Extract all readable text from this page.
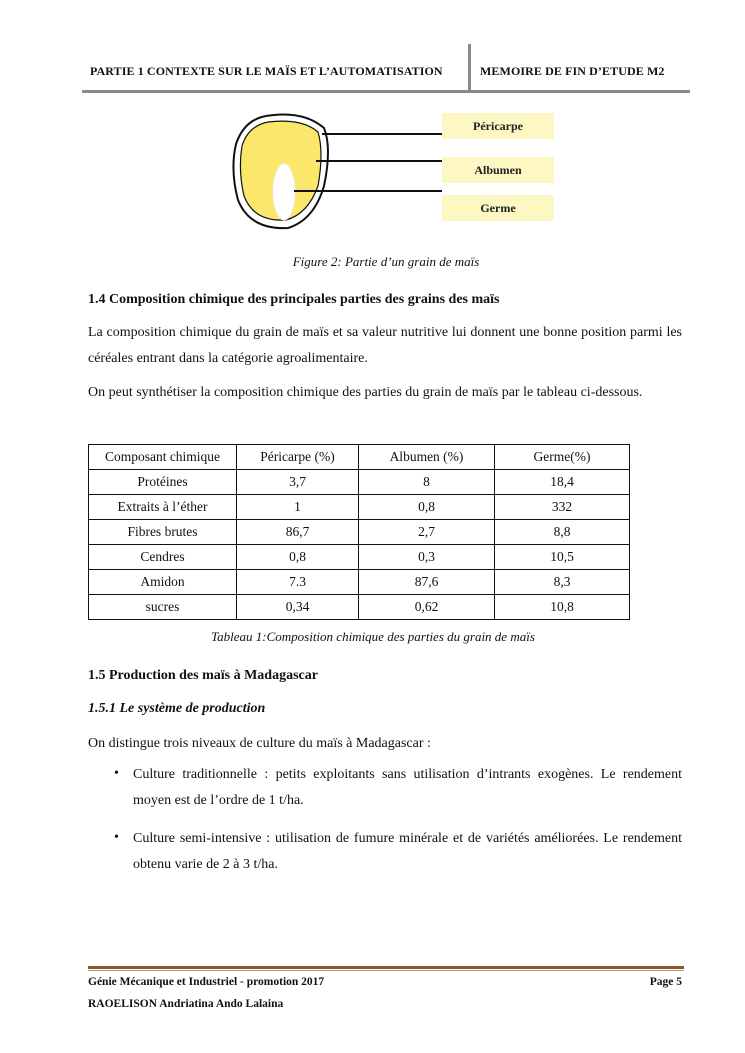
PARTIE 1 CONTEXTE SUR LE MAÏS ET L’AUTOMATISATION	MEMOIRE DE FIN D’ETUDE M2
Péricarpe
Albumen
Germe
Figure 2: Partie d’un grain de maïs
1.4 Composition chimique des principales parties des grains des maïs
La composition chimique du grain de maïs et sa valeur nutritive lui donnent une bonne position parmi les céréales entrant dans la catégorie agroalimentaire.
On peut synthétiser la composition chimique des parties du grain de maïs par le tableau ci-dessous.
Composant chimique	Péricarpe (%)	Albumen (%)	Germe(%)
Protéines	3,7	8	18,4
Extraits à l’éther	1	0,8	332
Fibres brutes	86,7	2,7	8,8
Cendres	0,8	0,3	10,5
Amidon	7.3	87,6	8,3
sucres	0,34	0,62	10,8
Tableau 1:Composition chimique des parties du grain de maïs
1.5 Production des maïs à Madagascar
1.5.1 Le système de production
On distingue trois niveaux de culture du maïs à Madagascar :
• Culture traditionnelle : petits exploitants sans utilisation d’intrants exogènes. Le rendement moyen est de l’ordre de 1 t/ha.
• Culture semi-intensive : utilisation de fumure minérale et de variétés améliorées. Le rendement obtenu varie de 2 à 3 t/ha.
Génie Mécanique et Industriel - promotion 2017	Page 5
RAOELISON Andriatina Ando Lalaina
